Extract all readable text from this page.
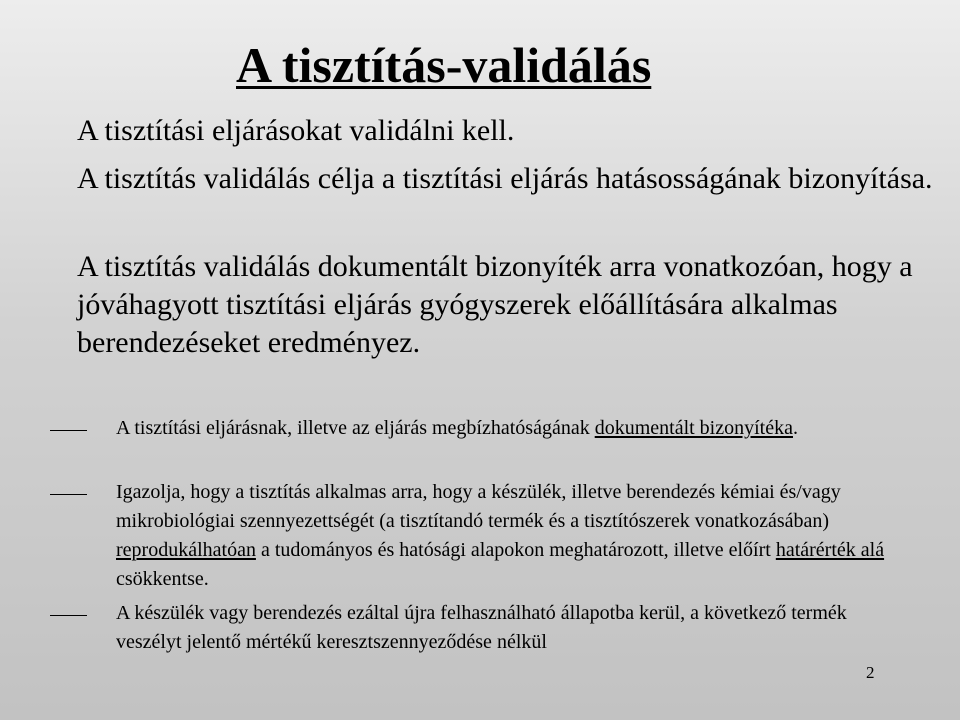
A tisztítás-validálás
A tisztítási eljárásokat validálni kell.
A tisztítás validálás célja a tisztítási eljárás hatásosságának bizonyítása.
A tisztítás validálás dokumentált bizonyíték arra vonatkozóan, hogy a jóváhagyott tisztítási eljárás gyógyszerek előállítására alkalmas berendezéseket eredményez.
A tisztítási eljárásnak, illetve az eljárás megbízhatóságának dokumentált bizonyítéka.
Igazolja, hogy a tisztítás alkalmas arra, hogy a készülék, illetve berendezés kémiai és/vagy mikrobiológiai szennyezettségét (a tisztítandó termék és a tisztítószerek vonatkozásában) reprodukálhatóan a tudományos és hatósági alapokon meghatározott, illetve előírt határérték alá csökkentse.
A készülék vagy berendezés ezáltal újra felhasználható állapotba kerül, a következő termék veszélyt jelentő mértékű keresztszennyeződése nélkül
2
